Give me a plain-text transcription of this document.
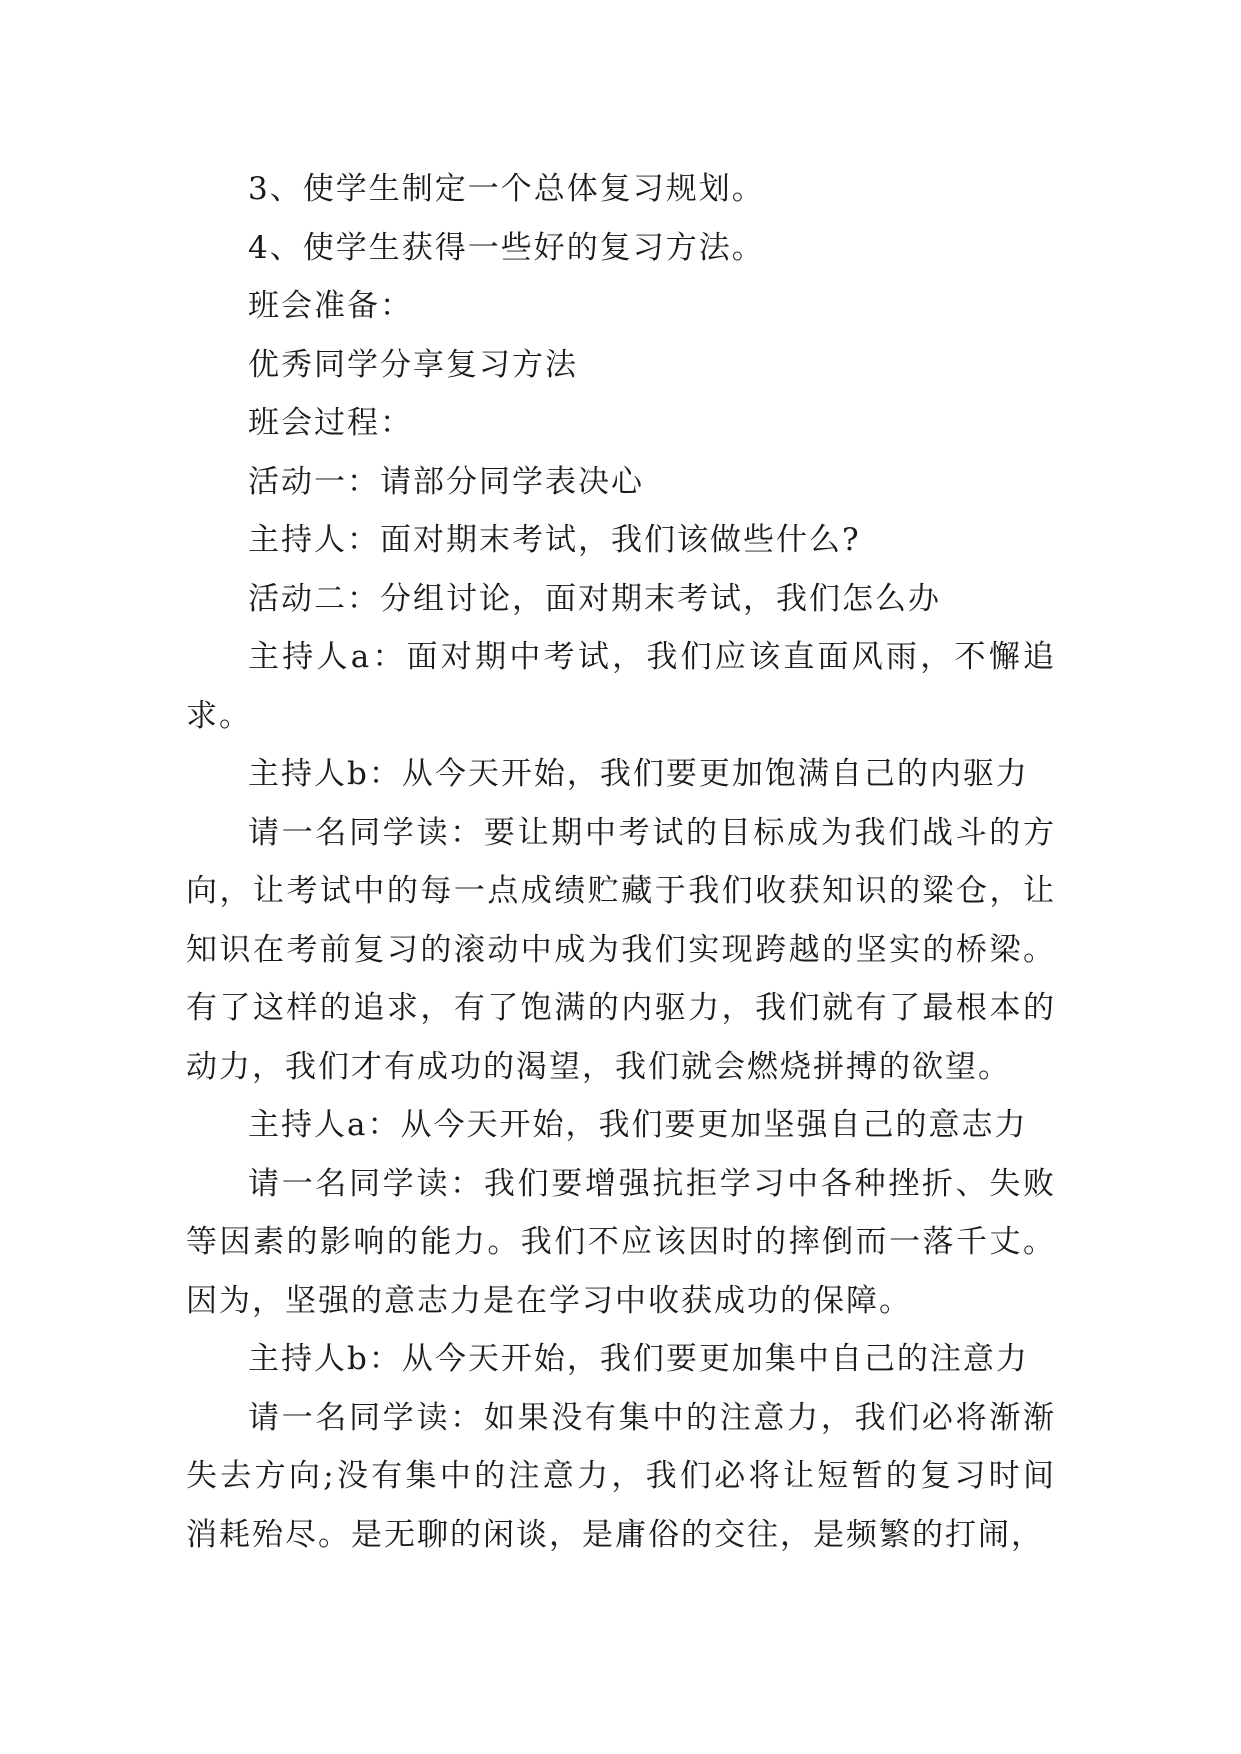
3、使学生制定一个总体复习规划。

4、使学生获得一些好的复习方法。

班会准备：

优秀同学分享复习方法

班会过程：

活动一：请部分同学表决心

主持人：面对期末考试，我们该做些什么?

活动二：分组讨论，面对期末考试，我们怎么办

主持人a：面对期中考试，我们应该直面风雨，不懈追求。

主持人b：从今天开始，我们要更加饱满自己的内驱力

请一名同学读：要让期中考试的目标成为我们战斗的方向，让考试中的每一点成绩贮藏于我们收获知识的粱仓，让知识在考前复习的滚动中成为我们实现跨越的坚实的桥梁。有了这样的追求，有了饱满的内驱力，我们就有了最根本的动力，我们才有成功的渴望，我们就会燃烧拼搏的欲望。

主持人a：从今天开始，我们要更加坚强自己的意志力

请一名同学读：我们要增强抗拒学习中各种挫折、失败等因素的影响的能力。我们不应该因时的摔倒而一落千丈。因为，坚强的意志力是在学习中收获成功的保障。

主持人b：从今天开始，我们要更加集中自己的注意力

请一名同学读：如果没有集中的注意力，我们必将渐渐失去方向;没有集中的注意力，我们必将让短暂的复习时间消耗殆尽。是无聊的闲谈，是庸俗的交往，是频繁的打闹，
